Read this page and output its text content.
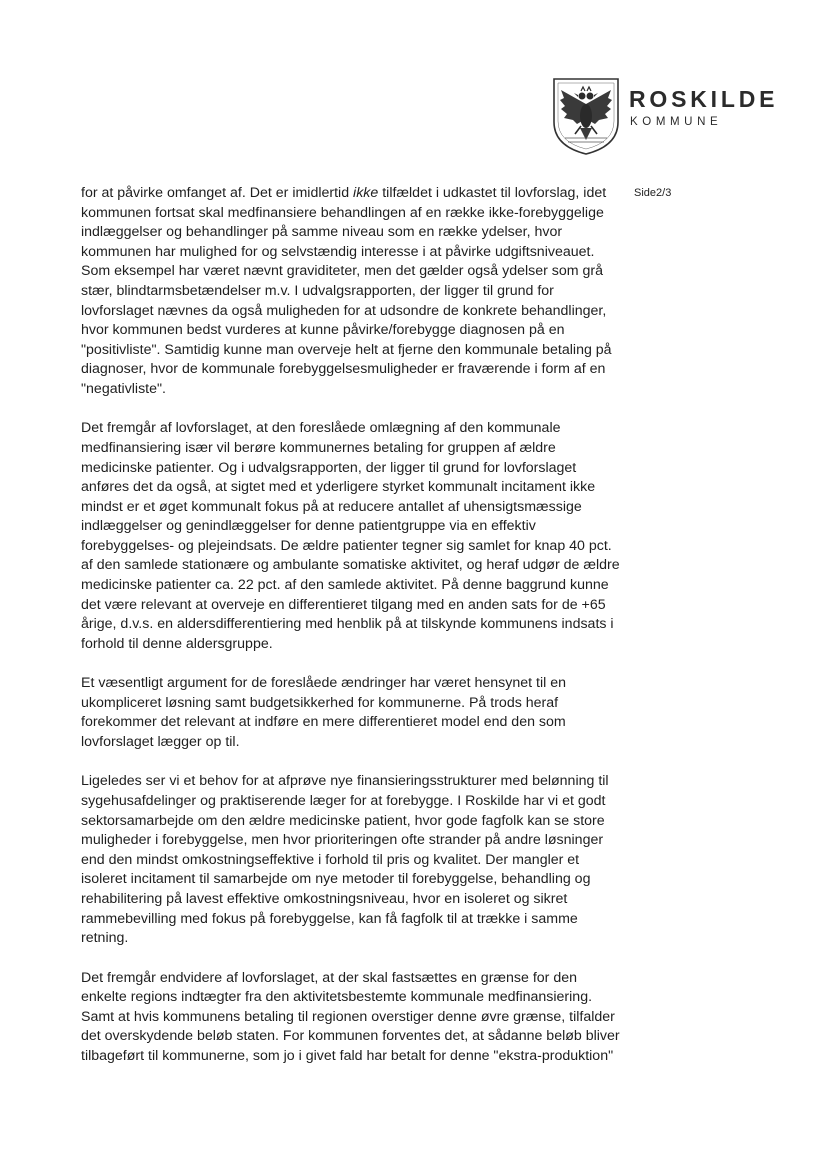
ROSKILDE
KOMMUNE
Side2/3
for at påvirke omfanget af. Det er imidlertid ikke tilfældet i udkastet til lovforslag, idet
kommunen fortsat skal medfinansiere behandlingen af en række ikke-forebyggelige
indlæggelser og behandlinger på samme niveau som en række ydelser, hvor
kommunen har mulighed for og selvstændig interesse i at påvirke udgiftsniveauet.
Som eksempel har været nævnt graviditeter, men det gælder også ydelser som grå
stær, blindtarmsbetændelser m.v. I udvalgsrapporten, der ligger til grund for
lovforslaget nævnes da også muligheden for at udsondre de konkrete behandlinger,
hvor kommunen bedst vurderes at kunne påvirke/forebygge diagnosen på en
"positivliste". Samtidig kunne man overveje helt at fjerne den kommunale betaling på
diagnoser, hvor de kommunale forebyggelsesmuligheder er fraværende i form af en
"negativliste".
Det fremgår af lovforslaget, at den foreslåede omlægning af den kommunale
medfinansiering især vil berøre kommunernes betaling for gruppen af ældre
medicinske patienter. Og i udvalgsrapporten, der ligger til grund for lovforslaget
anføres det da også, at sigtet med et yderligere styrket kommunalt incitament ikke
mindst er et øget kommunalt fokus på at reducere antallet af uhensigtsmæssige
indlæggelser og genindlæggelser for denne patientgruppe via en effektiv
forebyggelses- og plejeindsats. De ældre patienter tegner sig samlet for knap 40 pct.
af den samlede stationære og ambulante somatiske aktivitet, og heraf udgør de ældre
medicinske patienter ca. 22 pct. af den samlede aktivitet. På denne baggrund kunne
det være relevant at overveje en differentieret tilgang med en anden sats for de +65
årige, d.v.s. en aldersdifferentiering med henblik på at tilskynde kommunens indsats i
forhold til denne aldersgruppe.
Et væsentligt argument for de foreslåede ændringer har været hensynet til en
ukompliceret løsning samt budgetsikkerhed for kommunerne. På trods heraf
forekommer det relevant at indføre en mere differentieret model end den som
lovforslaget lægger op til.
Ligeledes ser vi et behov for at afprøve nye finansieringsstrukturer med belønning til
sygehusafdelinger og praktiserende læger for at forebygge. I Roskilde har vi et godt
sektorsamarbejde om den ældre medicinske patient, hvor gode fagfolk kan se store
muligheder i forebyggelse, men hvor prioriteringen ofte strander på andre løsninger
end den mindst omkostningseffektive i forhold til pris og kvalitet. Der mangler et
isoleret incitament til samarbejde om nye metoder til forebyggelse, behandling og
rehabilitering på lavest effektive omkostningsniveau, hvor en isoleret og sikret
rammebevilling med fokus på forebyggelse, kan få fagfolk til at trække i samme
retning.
Det fremgår endvidere af lovforslaget, at der skal fastsættes en grænse for den
enkelte regions indtægter fra den aktivitetsbestemte kommunale medfinansiering.
Samt at hvis kommunens betaling til regionen overstiger denne øvre grænse, tilfalder
det overskydende beløb staten. For kommunen forventes det, at sådanne beløb bliver
tilbageført til kommunerne, som jo i givet fald har betalt for denne "ekstra-produktion"
